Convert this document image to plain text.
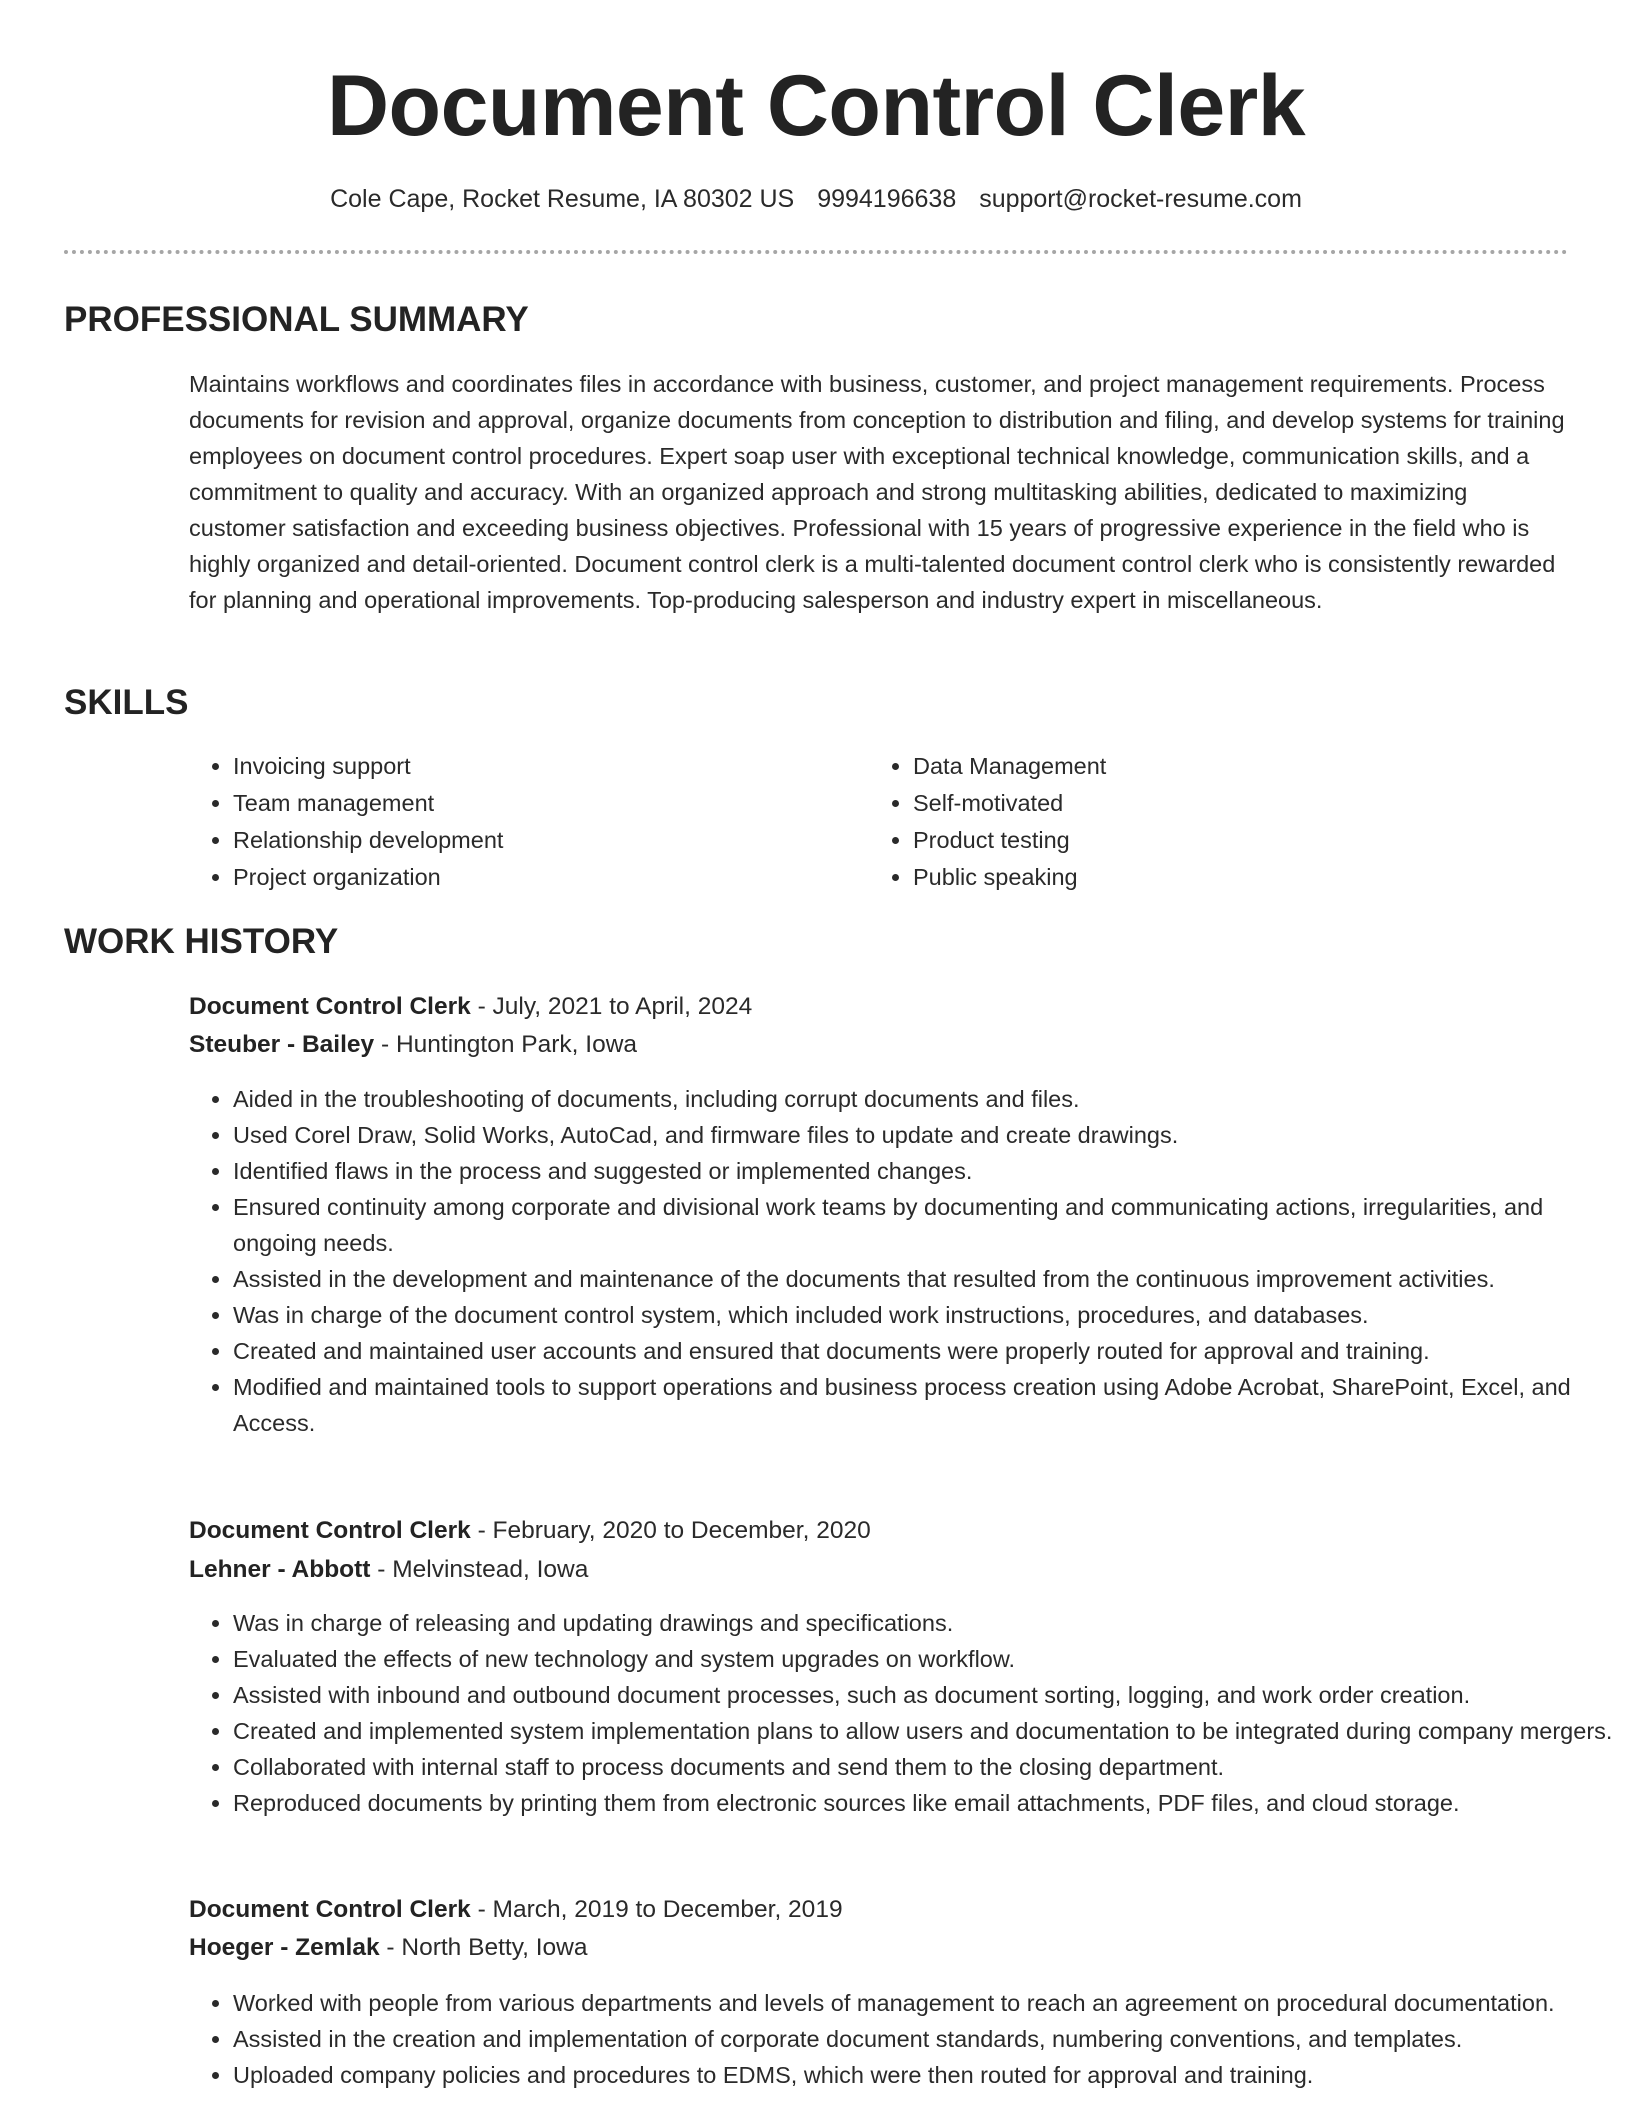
Document Control Clerk
Cole Cape, Rocket Resume, IA 80302 US 9994196638 support@rocket-resume.com
PROFESSIONAL SUMMARY

Maintains workflows and coordinates files in accordance with business, customer, and project management requirements. Process documents for revision and approval, organize documents from conception to distribution and filing, and develop systems for training employees on document control procedures. Expert soap user with exceptional technical knowledge, communication skills, and a commitment to quality and accuracy. With an organized approach and strong multitasking abilities, dedicated to maximizing customer satisfaction and exceeding business objectives. Professional with 15 years of progressive experience in the field who is highly organized and detail-oriented. Document control clerk is a multi-talented document control clerk who is consistently rewarded for planning and operational improvements. Top-producing salesperson and industry expert in miscellaneous.

SKILLS
• Invoicing support
• Team management
• Relationship development
• Project organization
• Data Management
• Self-motivated
• Product testing
• Public speaking
WORK HISTORY
Document Control Clerk - July, 2021 to April, 2024
Steuber - Bailey - Huntington Park, Iowa
• Aided in the troubleshooting of documents, including corrupt documents and files.
• Used Corel Draw, Solid Works, AutoCad, and firmware files to update and create drawings.
• Identified flaws in the process and suggested or implemented changes.
• Ensured continuity among corporate and divisional work teams by documenting and communicating actions, irregularities, and ongoing needs.
• Assisted in the development and maintenance of the documents that resulted from the continuous improvement activities.
• Was in charge of the document control system, which included work instructions, procedures, and databases.
• Created and maintained user accounts and ensured that documents were properly routed for approval and training.
• Modified and maintained tools to support operations and business process creation using Adobe Acrobat, SharePoint, Excel, and Access.
Document Control Clerk - February, 2020 to December, 2020
Lehner - Abbott - Melvinstead, Iowa
• Was in charge of releasing and updating drawings and specifications.
• Evaluated the effects of new technology and system upgrades on workflow.
• Assisted with inbound and outbound document processes, such as document sorting, logging, and work order creation.
• Created and implemented system implementation plans to allow users and documentation to be integrated during company mergers.
• Collaborated with internal staff to process documents and send them to the closing department.
• Reproduced documents by printing them from electronic sources like email attachments, PDF files, and cloud storage.
Document Control Clerk - March, 2019 to December, 2019
Hoeger - Zemlak - North Betty, Iowa
• Worked with people from various departments and levels of management to reach an agreement on procedural documentation.
• Assisted in the creation and implementation of corporate document standards, numbering conventions, and templates.
• Uploaded company policies and procedures to EDMS, which were then routed for approval and training.
